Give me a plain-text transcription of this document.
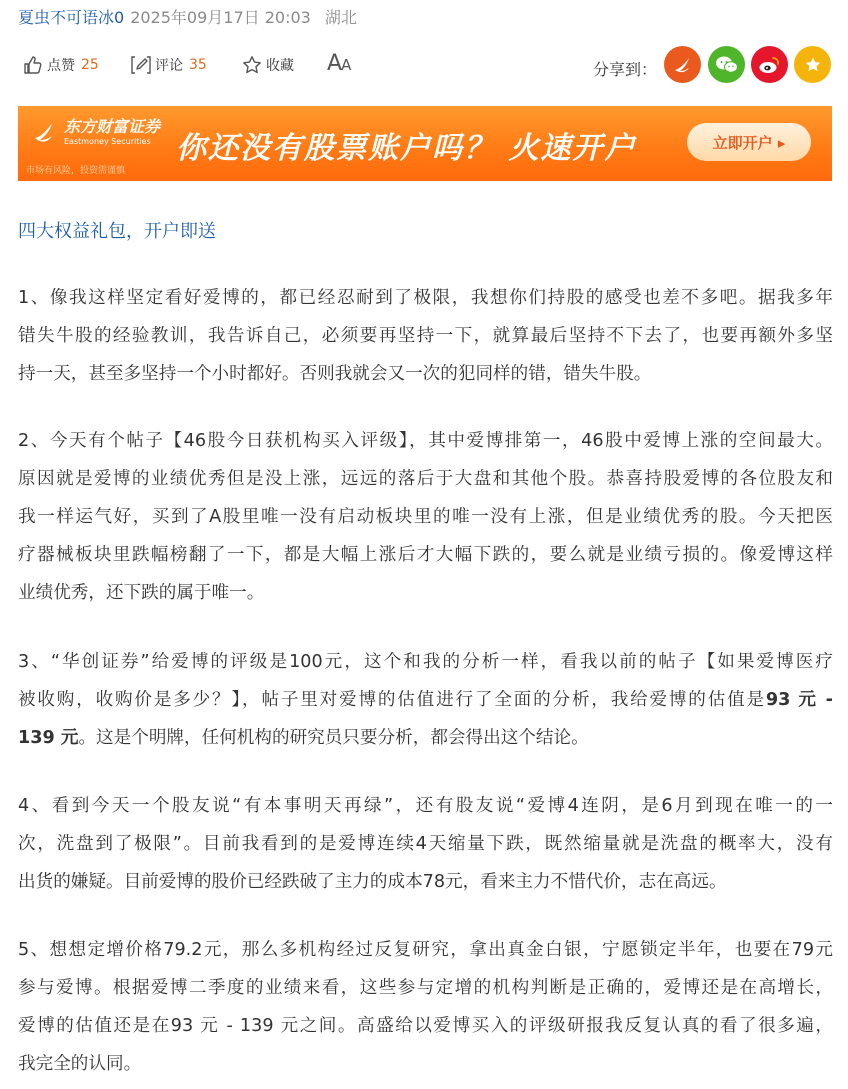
夏虫不可语冰0 2025年09月17日 20:03 湖北
点赞 25	评论 35	收藏 AA	分享到：
东方财富证券
Eastmoney Securities
市场有风险，投资需谨慎
你还没有股票账户吗？ 火速开户	立即开户 ▸
四大权益礼包，开户即送
1、像我这样坚定看好爱博的，都已经忍耐到了极限，我想你们持股的感受也差不多吧。据我多年
错失牛股的经验教训，我告诉自己，必须要再坚持一下，就算最后坚持不下去了，也要再额外多坚
持一天，甚至多坚持一个小时都好。否则我就会又一次的犯同样的错，错失牛股。
2、今天有个帖子【46股今日获机构买入评级】，其中爱博排第一，46股中爱博上涨的空间最大。
原因就是爱博的业绩优秀但是没上涨，远远的落后于大盘和其他个股。恭喜持股爱博的各位股友和
我一样运气好，买到了A股里唯一没有启动板块里的唯一没有上涨，但是业绩优秀的股。今天把医
疗器械板块里跌幅榜翻了一下，都是大幅上涨后才大幅下跌的，要么就是业绩亏损的。像爱博这样
业绩优秀，还下跌的属于唯一。
3、“华创证券”给爱博的评级是100元，这个和我的分析一样，看我以前的帖子【如果爱博医疗
被收购，收购价是多少？】，帖子里对爱博的估值进行了全面的分析，我给爱博的估值是93 元 -
139 元。这是个明牌，任何机构的研究员只要分析，都会得出这个结论。
4、看到今天一个股友说“有本事明天再绿”，还有股友说“爱博4连阴，是6月到现在唯一的一
次，洗盘到了极限”。目前我看到的是爱博连续4天缩量下跌，既然缩量就是洗盘的概率大，没有
出货的嫌疑。目前爱博的股价已经跌破了主力的成本78元，看来主力不惜代价，志在高远。
5、想想定增价格79.2元，那么多机构经过反复研究，拿出真金白银，宁愿锁定半年，也要在79元
参与爱博。根据爱博二季度的业绩来看，这些参与定增的机构判断是正确的，爱博还是在高增长，
爱博的估值还是在93 元 - 139 元之间。高盛给以爱博买入的评级研报我反复认真的看了很多遍，
我完全的认同。
